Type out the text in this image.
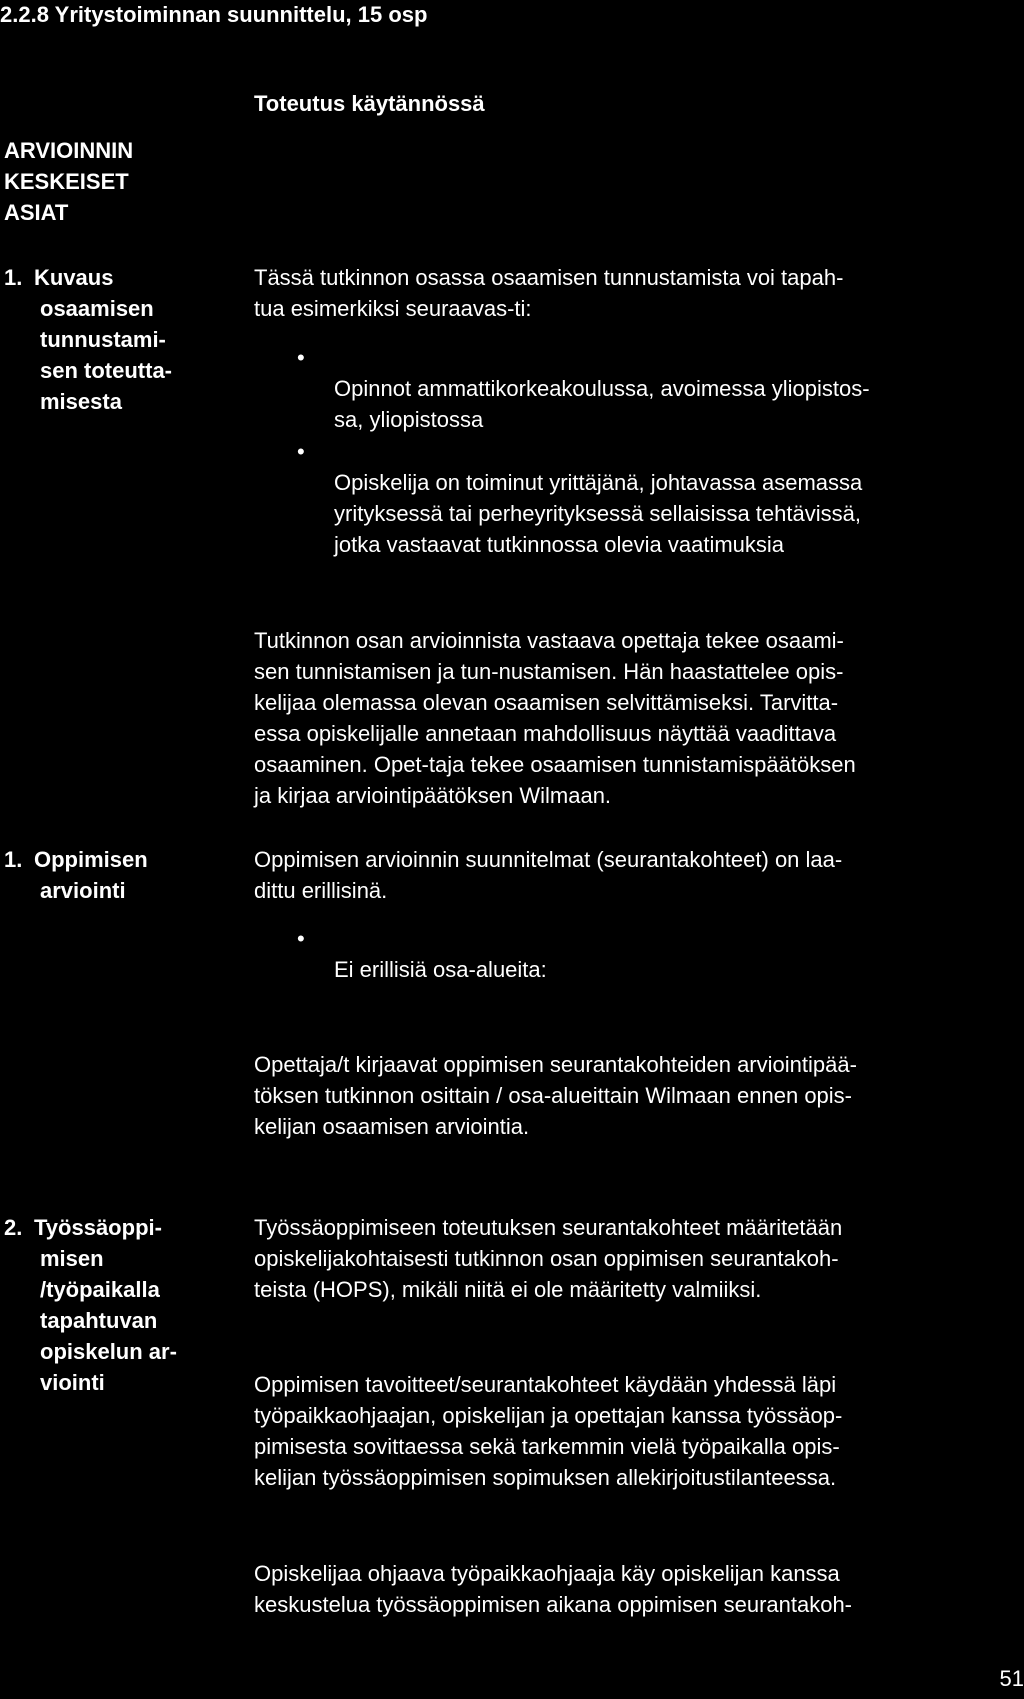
2.2.8 Yritystoiminnan suunnittelu, 15 osp
Toteutus käytännössä
ARVIOINNIN
KESKEISET
ASIAT
1. Kuvaus
osaamisen
tunnustami-
sen toteutta-
misesta

Tässä tutkinnon osassa osaamisen tunnustamista voi tapah-
tua esimerkiksi seuraavas-ti:

•
Opinnot ammattikorkeakoulussa, avoimessa yliopistos-
sa, yliopistossa

•
Opiskelija on toiminut yrittäjänä, johtavassa asemassa
yrityksessä tai perheyrityksessä sellaisissa tehtävissä,
jotka vastaavat tutkinnossa olevia vaatimuksia

Tutkinnon osan arvioinnista vastaava opettaja tekee osaami-
sen tunnistamisen ja tun-nustamisen. Hän haastattelee opis-
kelijaa olemassa olevan osaamisen selvittämiseksi. Tarvitta-
essa opiskelijalle annetaan mahdollisuus näyttää vaadittava
osaaminen. Opet-taja tekee osaamisen tunnistamispäätöksen
ja kirjaa arviointipäätöksen Wilmaan.

1. Oppimisen
arviointi

Oppimisen arvioinnin suunnitelmat (seurantakohteet) on laa-
dittu erillisinä.

•
Ei erillisiä osa-alueita:

Opettaja/t kirjaavat oppimisen seurantakohteiden arviointipää-
töksen tutkinnon osittain / osa-alueittain Wilmaan ennen opis-
kelijan osaamisen arviointia.

2. Työssäoppi-
misen
/työpaikalla
tapahtuvan
opiskelun ar-
viointi

Työssäoppimiseen toteutuksen seurantakohteet määritetään
opiskelijakohtaisesti tutkinnon osan oppimisen seurantakoh-
teista (HOPS), mikäli niitä ei ole määritetty valmiiksi.

Oppimisen tavoitteet/seurantakohteet käydään yhdessä läpi
työpaikkaohjaajan, opiskelijan ja opettajan kanssa työssäop-
pimisesta sovittaessa sekä tarkemmin vielä työpaikalla opis-
kelijan työssäoppimisen sopimuksen allekirjoitustilanteessa.

Opiskelijaa ohjaava työpaikkaohjaaja käy opiskelijan kanssa
keskustelua työssäoppimisen aikana oppimisen seurantakoh-

51
